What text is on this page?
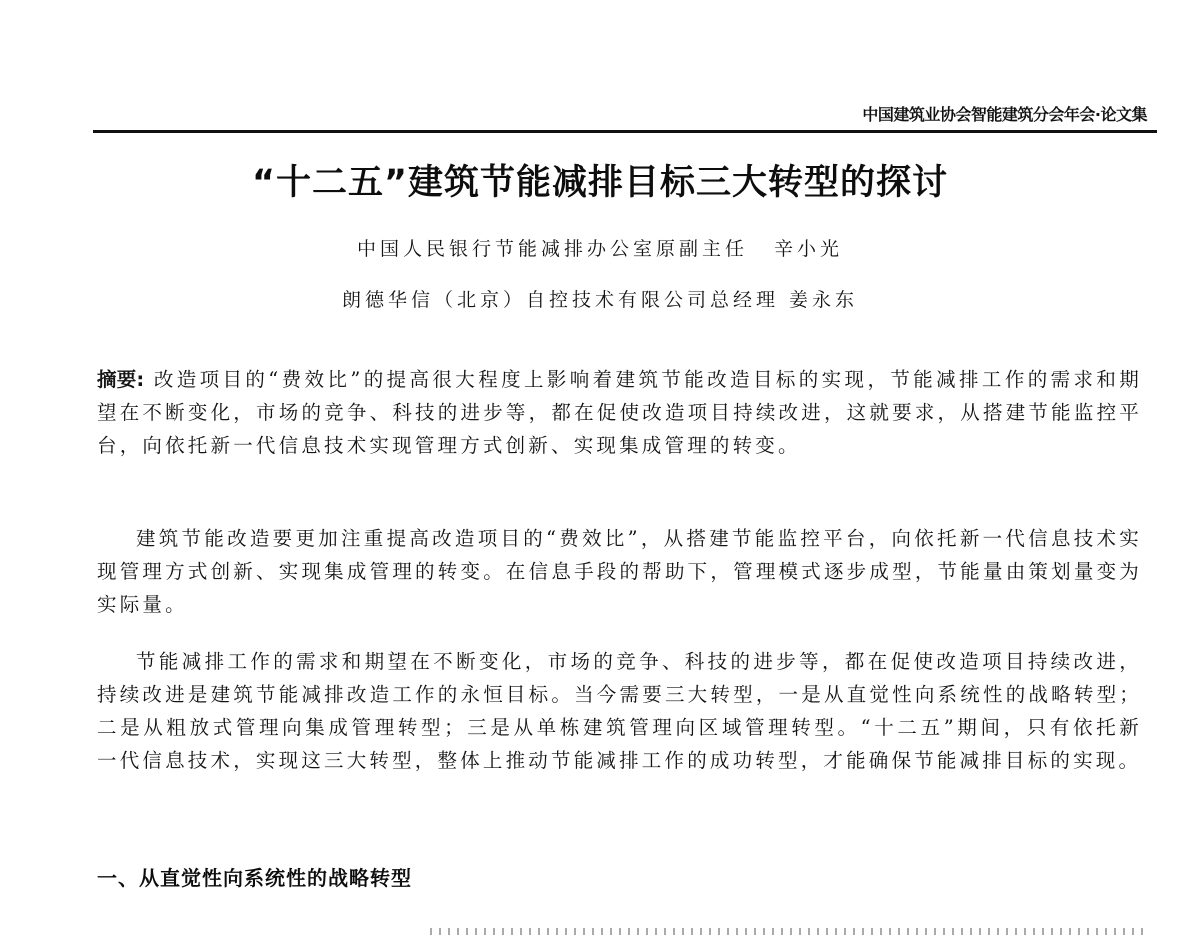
中国建筑业协会智能建筑分会年会·论文集
“十二五”建筑节能减排目标三大转型的探讨
中国人民银行节能减排办公室原副主任 辛小光
朗德华信（北京）自控技术有限公司总经理 姜永东
摘要: 改造项目的“费效比”的提高很大程度上影响着建筑节能改造目标的实现，节能减排工作的需求和期望在不断变化，市场的竞争、科技的进步等，都在促使改造项目持续改进，这就要求，从搭建节能监控平台，向依托新一代信息技术实现管理方式创新、实现集成管理的转变。
建筑节能改造要更加注重提高改造项目的“费效比”，从搭建节能监控平台，向依托新一代信息技术实现管理方式创新、实现集成管理的转变。在信息手段的帮助下，管理模式逐步成型，节能量由策划量变为实际量。
节能减排工作的需求和期望在不断变化，市场的竞争、科技的进步等，都在促使改造项目持续改进，持续改进是建筑节能减排改造工作的永恒目标。当今需要三大转型，一是从直觉性向系统性的战略转型；二是从粗放式管理向集成管理转型；三是从单栋建筑管理向区域管理转型。“十二五”期间，只有依托新一代信息技术，实现这三大转型，整体上推动节能减排工作的成功转型，才能确保节能减排目标的实现。
一、从直觉性向系统性的战略转型
